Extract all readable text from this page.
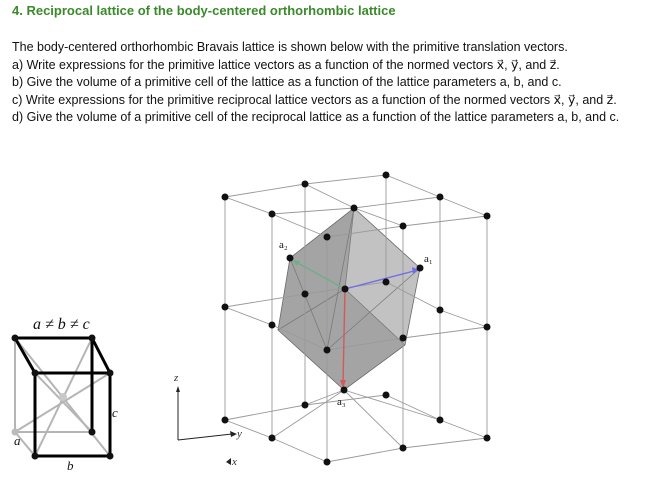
4. Reciprocal lattice of the body-centered orthorhombic lattice

The body-centered orthorhombic Bravais lattice is shown below with the primitive translation vectors.

a) Write expressions for the primitive lattice vectors as a function of the normed vectors x⃗, y⃗, and z⃗.

b) Give the volume of a primitive cell of the lattice as a function of the lattice parameters a, b, and c.

c) Write expressions for the primitive reciprocal lattice vectors as a function of the normed vectors x⃗, y⃗, and z⃗.

d) Give the volume of a primitive cell of the reciprocal lattice as a function of the lattice parameters a, b, and c.

a ≠ b ≠ c
a
b
c
z⃗
y⃗
x⃗
a₂
a₁
a₃
